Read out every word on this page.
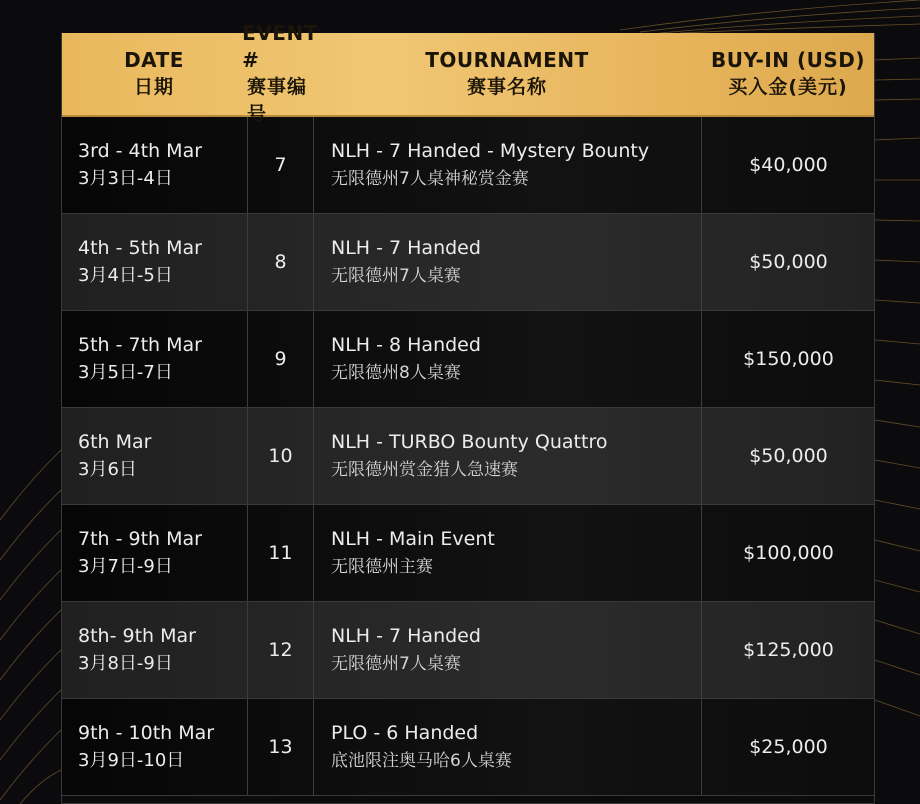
DATE
日期
EVENT #
赛事编号
TOURNAMENT
赛事名称
BUY-IN (USD)
买入金(美元)
3rd - 4th Mar
3月3日-4日
7
NLH - 7 Handed - Mystery Bounty
无限德州7人桌神秘赏金赛
$40,000
4th - 5th Mar
3月4日-5日
8
NLH - 7 Handed
无限德州7人桌赛
$50,000
5th - 7th Mar
3月5日-7日
9
NLH - 8 Handed
无限德州8人桌赛
$150,000
6th Mar
3月6日
10
NLH - TURBO Bounty Quattro
无限德州赏金猎人急速赛
$50,000
7th - 9th Mar
3月7日-9日
11
NLH - Main Event
无限德州主赛
$100,000
8th- 9th Mar
3月8日-9日
12
NLH - 7 Handed
无限德州7人桌赛
$125,000
9th - 10th Mar
3月9日-10日
13
PLO - 6 Handed
底池限注奥马哈6人桌赛
$25,000
